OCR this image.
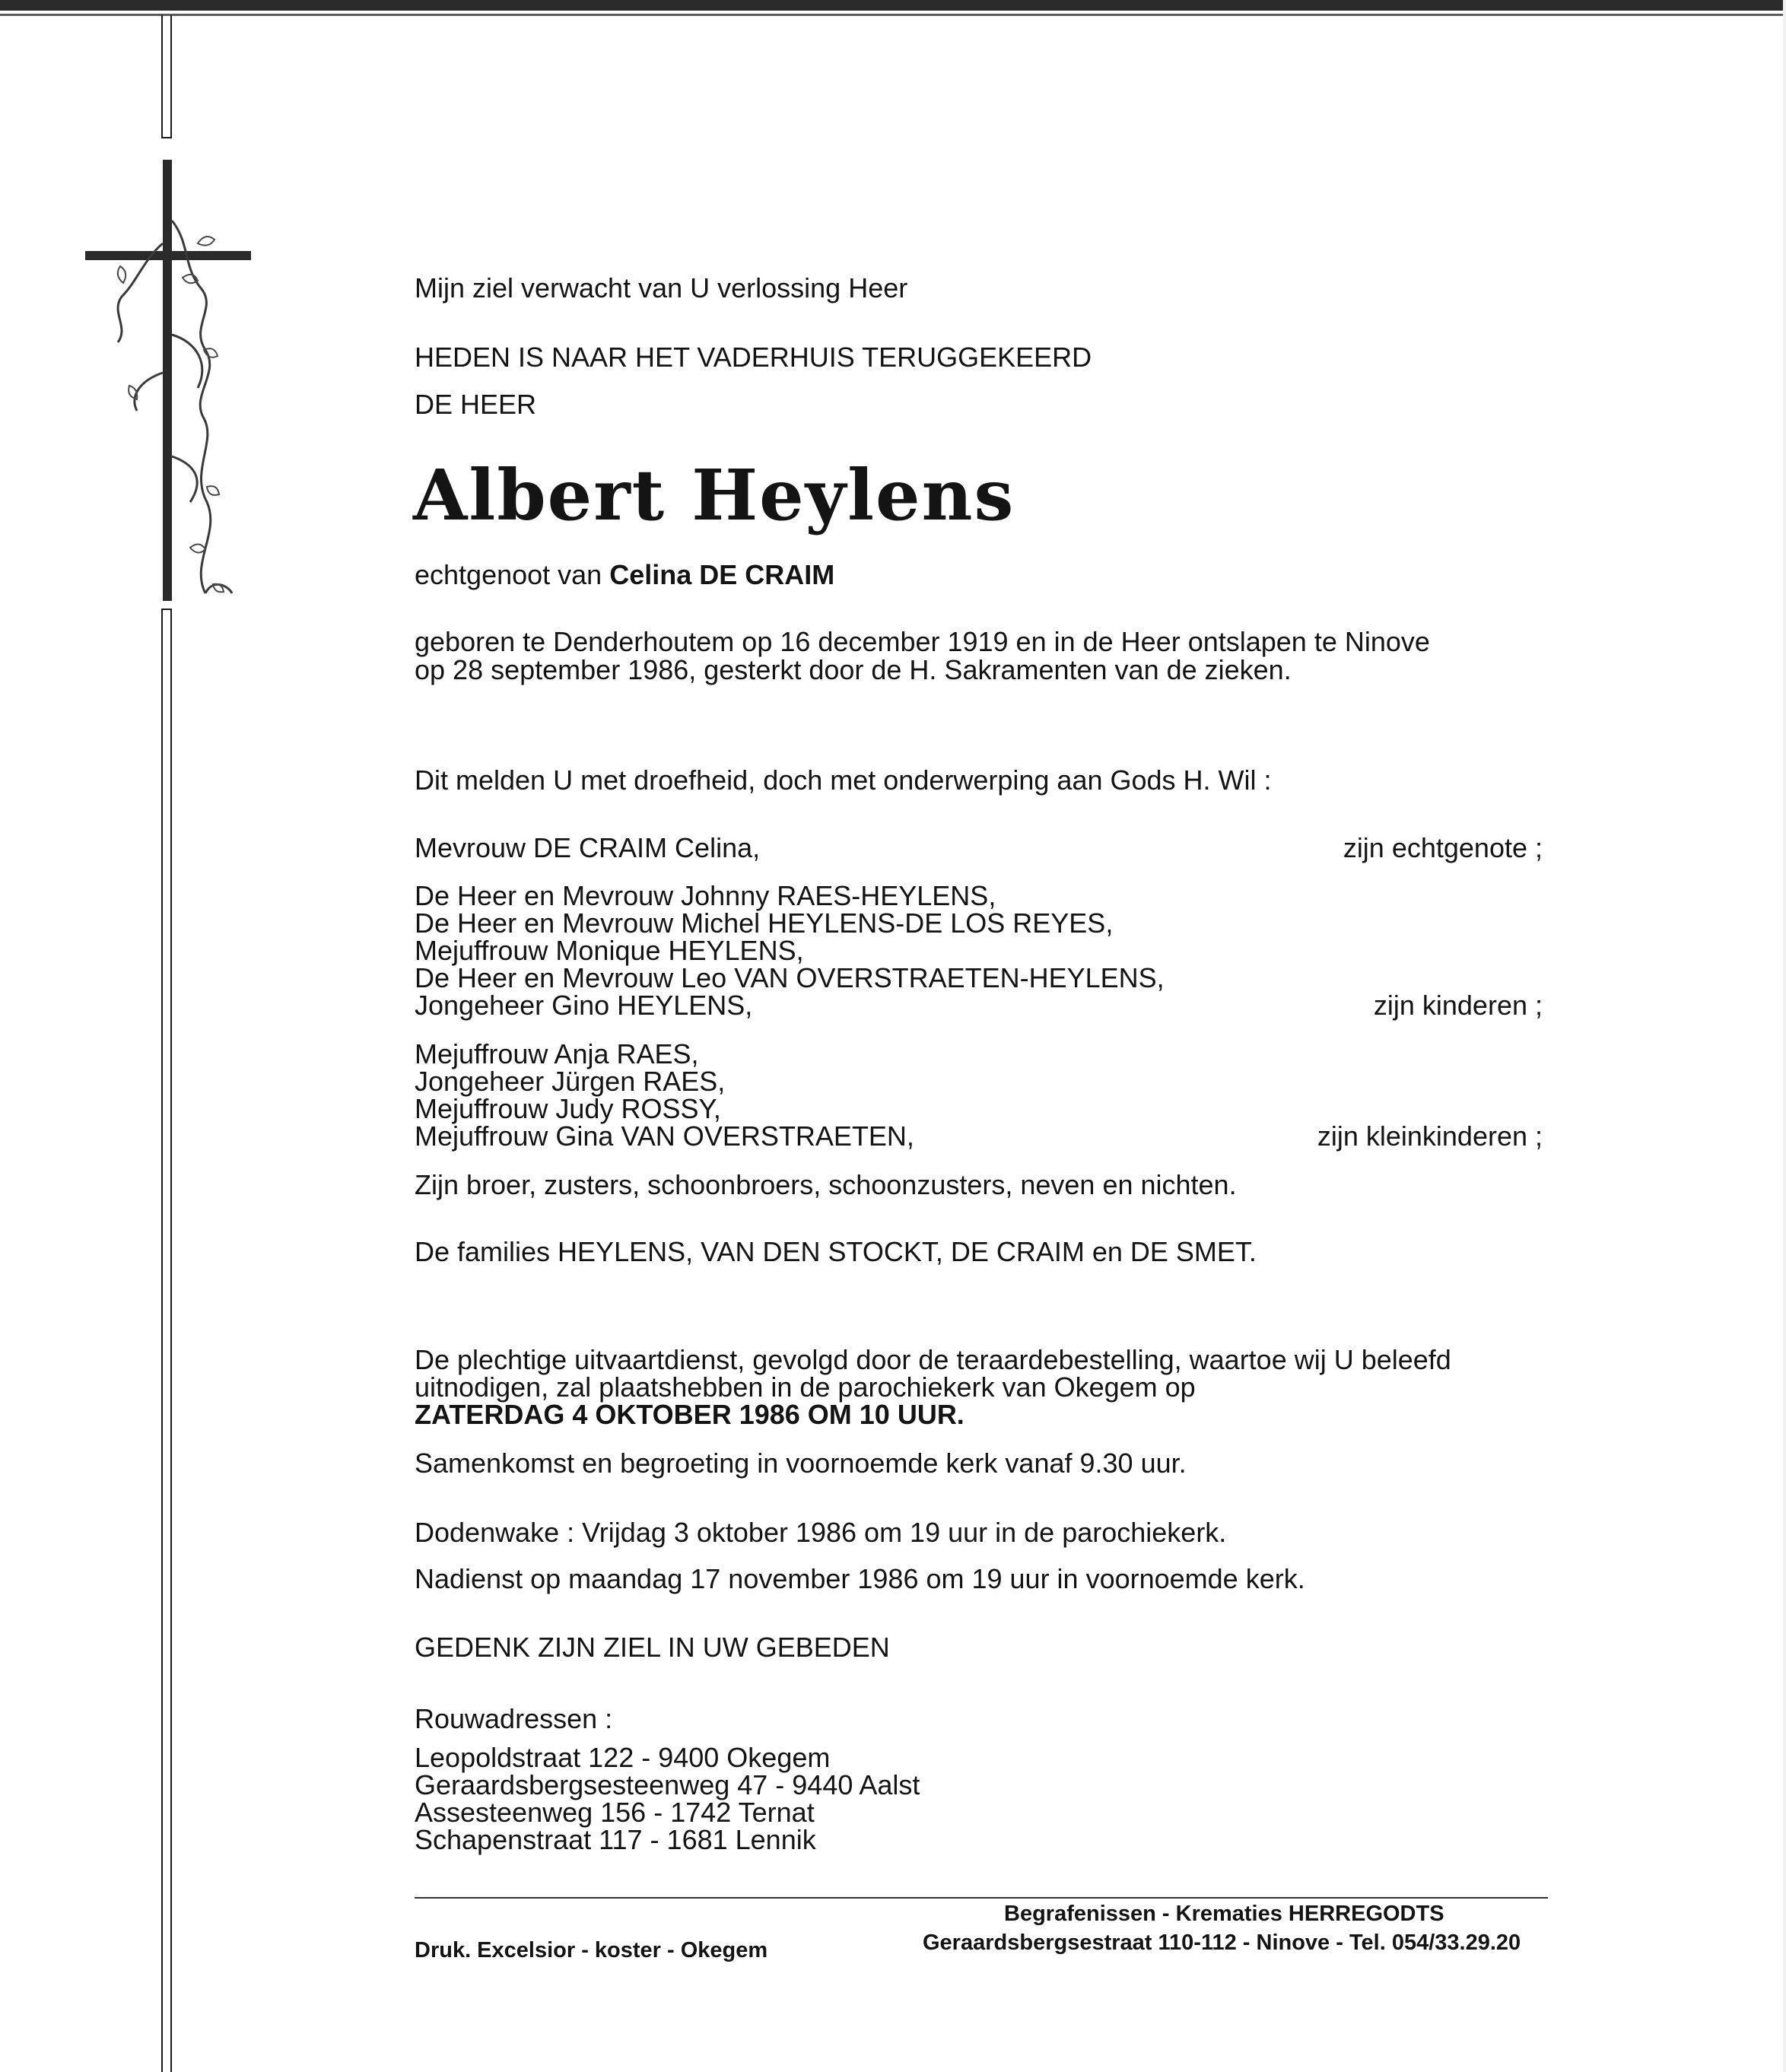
Mijn ziel verwacht van U verlossing Heer
HEDEN IS NAAR HET VADERHUIS TERUGGEKEERD
DE HEER
Albert Heylens
echtgenoot van Celina DE CRAIM
geboren te Denderhoutem op 16 december 1919 en in de Heer ontslapen te Ninove
op 28 september 1986, gesterkt door de H. Sakramenten van de zieken.
Dit melden U met droefheid, doch met onderwerping aan Gods H. Wil :
Mevrouw DE CRAIM Celina,	zijn echtgenote ;
De Heer en Mevrouw Johnny RAES-HEYLENS,
De Heer en Mevrouw Michel HEYLENS-DE LOS REYES,
Mejuffrouw Monique HEYLENS,
De Heer en Mevrouw Leo VAN OVERSTRAETEN-HEYLENS,
Jongeheer Gino HEYLENS,	zijn kinderen ;
Mejuffrouw Anja RAES,
Jongeheer Jürgen RAES,
Mejuffrouw Judy ROSSY,
Mejuffrouw Gina VAN OVERSTRAETEN,	zijn kleinkinderen ;
Zijn broer, zusters, schoonbroers, schoonzusters, neven en nichten.
De families HEYLENS, VAN DEN STOCKT, DE CRAIM en DE SMET.
De plechtige uitvaartdienst, gevolgd door de teraardebestelling, waartoe wij U beleefd
uitnodigen, zal plaatshebben in de parochiekerk van Okegem op
ZATERDAG 4 OKTOBER 1986 OM 10 UUR.
Samenkomst en begroeting in voornoemde kerk vanaf 9.30 uur.
Dodenwake : Vrijdag 3 oktober 1986 om 19 uur in de parochiekerk.
Nadienst op maandag 17 november 1986 om 19 uur in voornoemde kerk.
GEDENK ZIJN ZIEL IN UW GEBEDEN
Rouwadressen :
Leopoldstraat 122 - 9400 Okegem
Geraardsbergsesteenweg 47 - 9440 Aalst
Assesteenweg 156 - 1742 Ternat
Schapenstraat 117 - 1681 Lennik
Begrafenissen - Krematies HERREGODTS
Geraardsbergsestraat 110-112 - Ninove - Tel. 054/33.29.20
Druk. Excelsior - koster - Okegem
